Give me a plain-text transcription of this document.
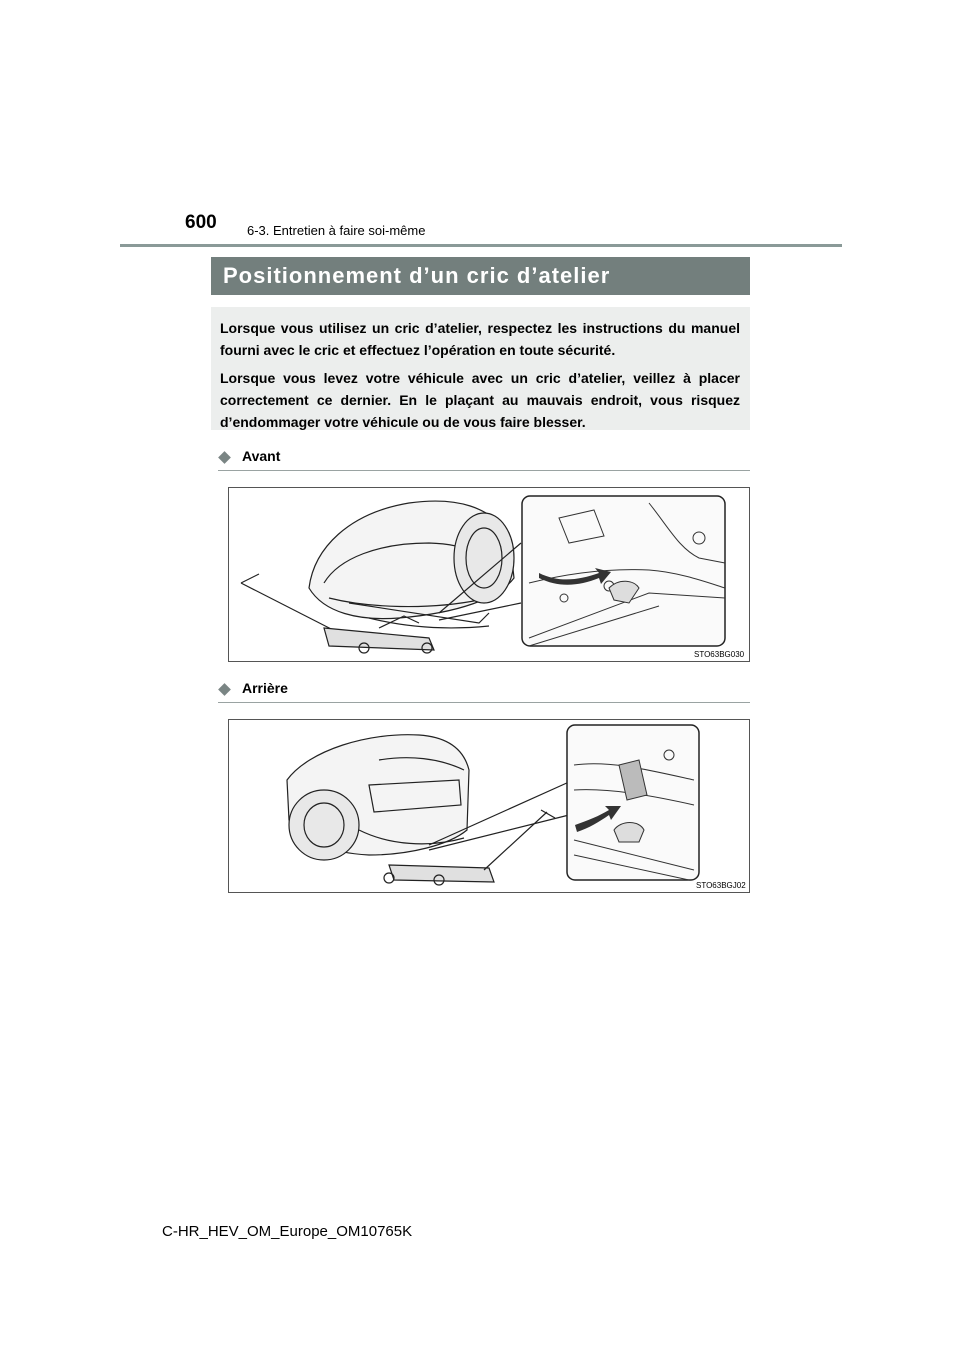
600 6-3. Entretien à faire soi-même
Positionnement d’un cric d’atelier

Lorsque vous utilisez un cric d’atelier, respectez les instructions du manuel fourni avec le cric et effectuez l’opération en toute sécurité.

Lorsque vous levez votre véhicule avec un cric d’atelier, veillez à placer correctement ce dernier. En le plaçant au mauvais endroit, vous risquez d’endommager votre véhicule ou de vous faire blesser.

Avant
STO63BG030
Arrière
STO63BGJ02
C-HR_HEV_OM_Europe_OM10765K
